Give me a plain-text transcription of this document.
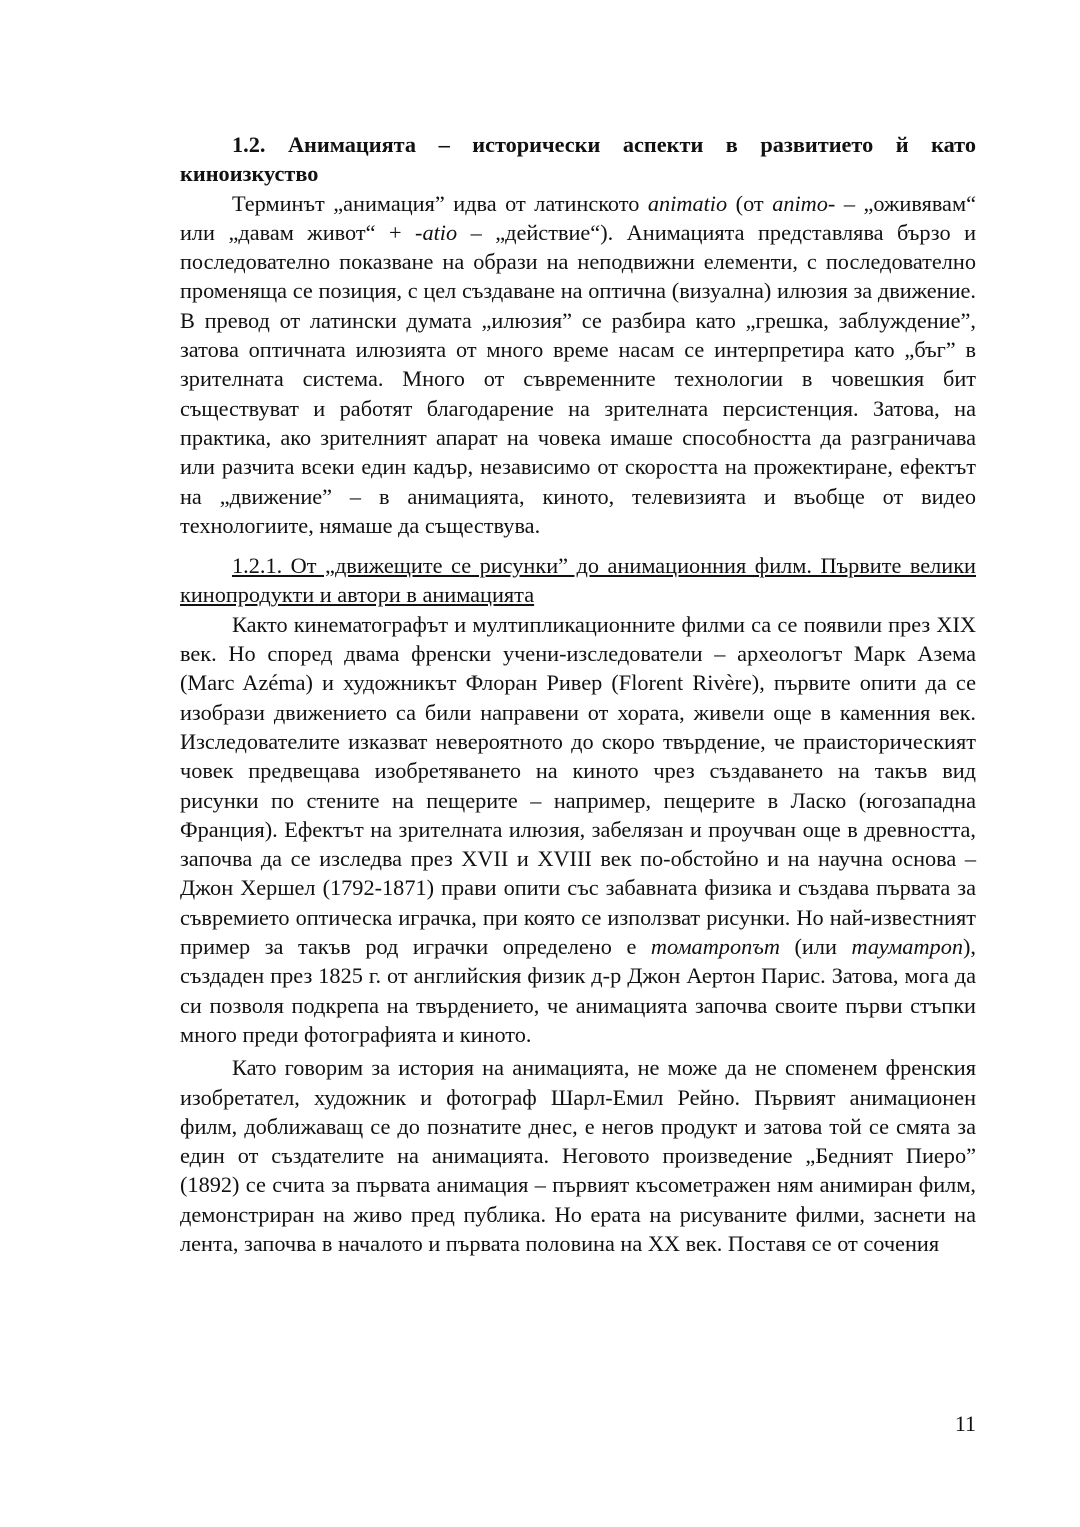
1.2. Анимацията – исторически аспекти в развитието й като киноизкуство

Терминът „анимация” идва от латинското animatio (от animo- – „оживявам“ или „давам живот“ + -atio – „действие“). Анимацията представлява бързо и последователно показване на образи на неподвижни елементи, с последователно променяща се позиция, с цел създаване на оптична (визуална) илюзия за движение. В превод от латински думата „илюзия” се разбира като „грешка, заблуждение”, затова оптичната илюзията от много време насам се интерпретира като „бъг” в зрителната система. Много от съвременните технологии в човешкия бит съществуват и работят благодарение на зрителната персистенция. Затова, на практика, ако зрителният апарат на човека имаше способността да разграничава или разчита всеки един кадър, независимо от скоростта на прожектиране, ефектът на „движение” – в анимацията, киното, телевизията и въобще от видео технологиите, нямаше да съществува.

1.2.1. От „движещите се рисунки” до анимационния филм. Първите велики кинопродукти и автори в анимацията

Както кинематографът и мултипликационните филми са се появили през XIX век. Но според двама френски учени-изследователи – археологът Марк Азема (Marc Azéma) и художникът Флоран Ривер (Florent Rivère), първите опити да се изобрази движението са били направени от хората, живели още в каменния век. Изследователите изказват невероятното до скоро твърдение, че праисторическият човек предвещава изобретяването на киното чрез създаването на такъв вид рисунки по стените на пещерите – например, пещерите в Ласко (югозападна Франция). Ефектът на зрителната илюзия, забелязан и проучван още в древността, започва да се изследва през XVII и XVIII век по-обстойно и на научна основа – Джон Хершел (1792-1871) прави опити със забавната физика и създава първата за съвремието оптическа играчка, при която се използват рисунки. Но най-известният пример за такъв род играчки определено е томатропът (или тауматроп), създаден през 1825 г. от английския физик д-р Джон Аертон Парис. Затова, мога да си позволя подкрепа на твърдението, че анимацията започва своите първи стъпки много преди фотографията и киното.

Като говорим за история на анимацията, не може да не споменем френския изобретател, художник и фотограф Шарл-Емил Рейно. Първият анимационен филм, доближаващ се до познатите днес, е негов продукт и затова той се смята за един от създателите на анимацията. Неговото произведение „Бедният Пиеро” (1892) се счита за първата анимация – първият късометражен ням анимиран филм, демонстриран на живо пред публика. Но ерата на рисуваните филми, заснети на лента, започва в началото и първата половина на XX век. Поставя се от сочения

11
